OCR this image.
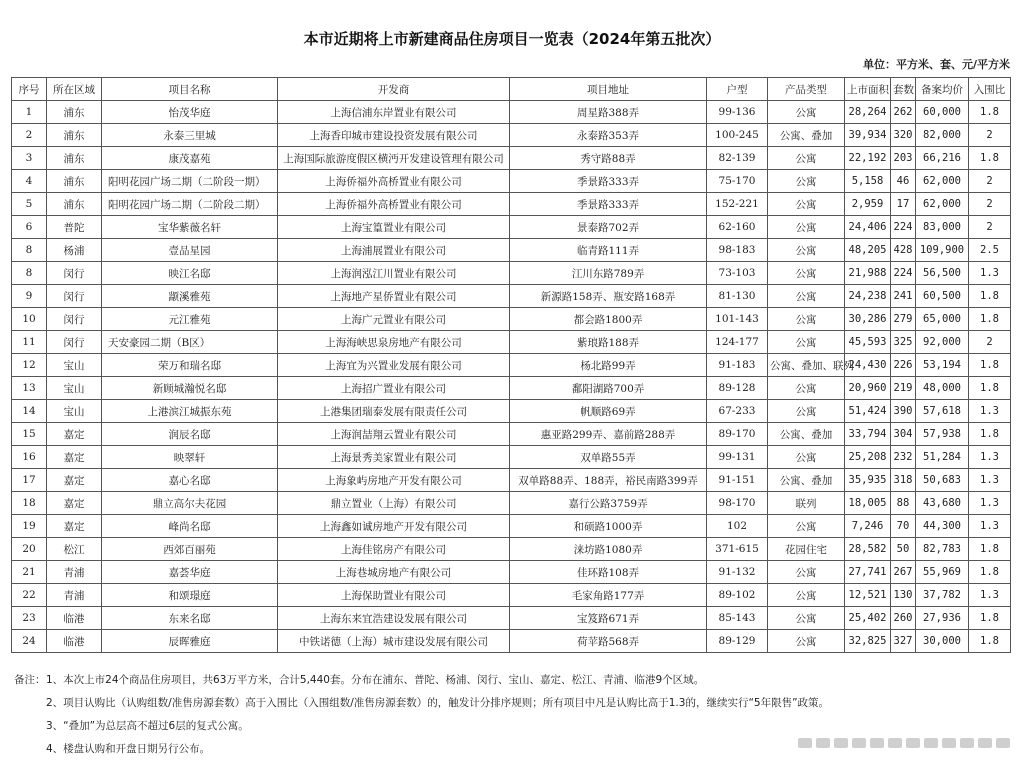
本市近期将上市新建商品住房项目一览表（2024年第五批次）
单位：平方米、套、元/平方米
序号	所在区域	项目名称	开发商	项目地址	户型	产品类型	上市面积	套数	备案均价	入围比
1	浦东	怡茂华庭	上海信浦东岸置业有限公司	周星路388弄	99-136	公寓	28,264	262	60,000	1.8
2	浦东	永泰三里城	上海香印城市建设投资发展有限公司	永泰路353弄	100-245	公寓、叠加	39,934	320	82,000	2
3	浦东	康茂嘉苑	上海国际旅游度假区横沔开发建设管理有限公司	秀守路88弄	82-139	公寓	22,192	203	66,216	1.8
4	浦东	阳明花园广场二期（二阶段一期）	上海侨福外高桥置业有限公司	季景路333弄	75-170	公寓	5,158	46	62,000	2
5	浦东	阳明花园广场二期（二阶段二期）	上海侨福外高桥置业有限公司	季景路333弄	152-221	公寓	2,959	17	62,000	2
6	普陀	宝华紫薇名轩	上海宝篁置业有限公司	景泰路702弄	62-160	公寓	24,406	224	83,000	2
8	杨浦	壹品星园	上海浦展置业有限公司	临青路111弄	98-183	公寓	48,205	428	109,900	2.5
8	闵行	映江名邸	上海润泓江川置业有限公司	江川东路789弄	73-103	公寓	21,988	224	56,500	1.3
9	闵行	颛溪雅苑	上海地产星侨置业有限公司	新源路158弄、瓶安路168弄	81-130	公寓	24,238	241	60,500	1.8
10	闵行	元江雅苑	上海广元置业有限公司	都会路1800弄	101-143	公寓	30,286	279	65,000	1.8
11	闵行	天安豪园二期（B区）	上海海峡思泉房地产有限公司	紫琅路188弄	124-177	公寓	45,593	325	92,000	2
12	宝山	荣万和瑞名邸	上海宜为兴置业发展有限公司	杨北路99弄	91-183	公寓、叠加、联列	24,430	226	53,194	1.8
13	宝山	新顾城瀚悦名邸	上海招广置业有限公司	鄱阳湖路700弄	89-128	公寓	20,960	219	48,000	1.8
14	宝山	上港滨江城振东苑	上港集团瑞泰发展有限责任公司	帆顺路69弄	67-233	公寓	51,424	390	57,618	1.3
15	嘉定	润辰名邸	上海润喆翔云置业有限公司	惠亚路299弄、嘉前路288弄	89-170	公寓、叠加	33,794	304	57,938	1.8
16	嘉定	映翠轩	上海景秀美家置业有限公司	双单路55弄	99-131	公寓	25,208	232	51,284	1.3
17	嘉定	嘉心名邸	上海象屿房地产开发有限公司	双单路88弄、188弄，裕民南路399弄	91-151	公寓、叠加	35,935	318	50,683	1.3
18	嘉定	鼎立高尔夫花园	鼎立置业（上海）有限公司	嘉行公路3759弄	98-170	联列	18,005	88	43,680	1.3
19	嘉定	峰尚名邸	上海鑫如诚房地产开发有限公司	和硕路1000弄	102	公寓	7,246	70	44,300	1.3
20	松江	西郊百丽苑	上海佳铭房产有限公司	涞坊路1080弄	371-615	花园住宅	28,582	50	82,783	1.8
21	青浦	嘉荟华庭	上海巷城房地产有限公司	佳环路108弄	91-132	公寓	27,741	267	55,969	1.8
22	青浦	和颂璟庭	上海保助置业有限公司	毛家角路177弄	89-102	公寓	12,521	130	37,782	1.3
23	临港	东来名邸	上海东来宜浩建设发展有限公司	宝笈路671弄	85-143	公寓	25,402	260	27,936	1.8
24	临港	辰晖雅庭	中铁诺德（上海）城市建设发展有限公司	荷苹路568弄	89-129	公寓	32,825	327	30,000	1.8
备注： 1、本次上市24个商品住房项目，共63万平方米，合计5,440套。分布在浦东、普陀、杨浦、闵行、宝山、嘉定、松江、青浦、临港9个区域。
2、项目认购比（认购组数/准售房源套数）高于入围比（入围组数/准售房源套数）的，触发计分排序规则；所有项目中凡是认购比高于1.3的，继续实行“5年限售”政策。
3、“叠加”为总层高不超过6层的复式公寓。
4、楼盘认购和开盘日期另行公布。
